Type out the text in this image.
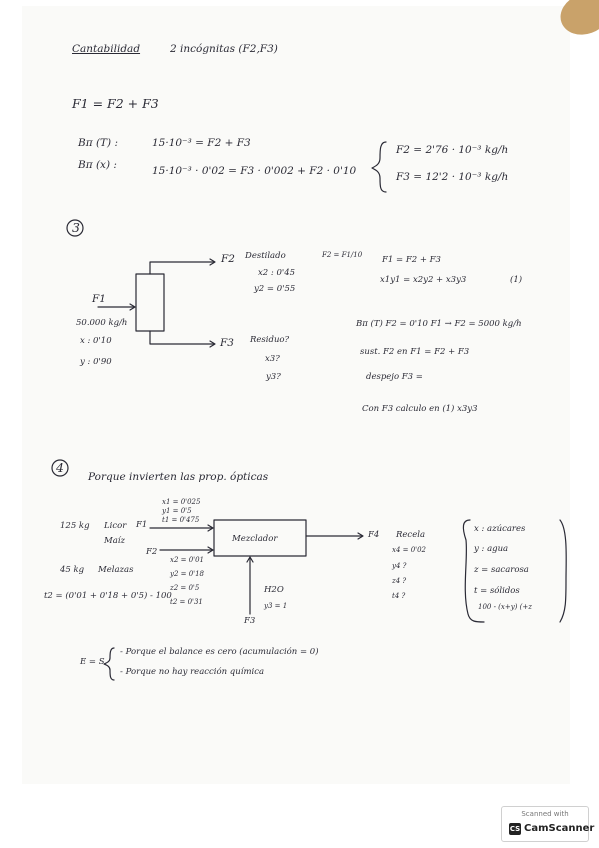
Cantabilidad	2 incógnitas (F2,F3)
F1 = F2 + F3
Bπ (T) :	15·10⁻³ = F2 + F3
Bπ (x) :	15·10⁻³ · 0'02 = F3 · 0'002 + F2 · 0'10
F2 = 2'76 · 10⁻³ kg/h
F3 = 12'2 · 10⁻³ kg/h
3
F1
50.000 kg/h
x : 0'10
y : 0'90
F2 Destilado
x2 : 0'45
y2 = 0'55
F2 = F1/10
F3 Residuo?
x3?
y3?
F1 = F2 + F3
x1y1 = x2y2 + x3y3	(1)
Bπ (T) F2 = 0'10 F1 → F2 = 5000 kg/h
sust. F2 en F1 = F2 + F3
despejo F3 =
Con F3 calculo en (1) x3y3
4
Porque invierten las prop. ópticas
x1 = 0'025
y1 = 0'5
t1 = 0'475
125 kg Licor
Maíz
F1
F2
45 kg Melazas
x2 = 0'01
y2 = 0'18
z2 = 0'5
t2 = 0'31
t2 = (0'01 + 0'18 + 0'5) - 100
Mezclador
H2O
y3 = 1
F3
F4 Recela
x4 = 0'02
y4 ?
z4 ?
t4 ?
x : azúcares
y : agua
z = sacarosa
t = sólidos
100 - (x+y) (+z
E = S
- Porque el balance es cero (acumulación = 0)
- Porque no hay reacción química
Scanned with
CS CamScanner
